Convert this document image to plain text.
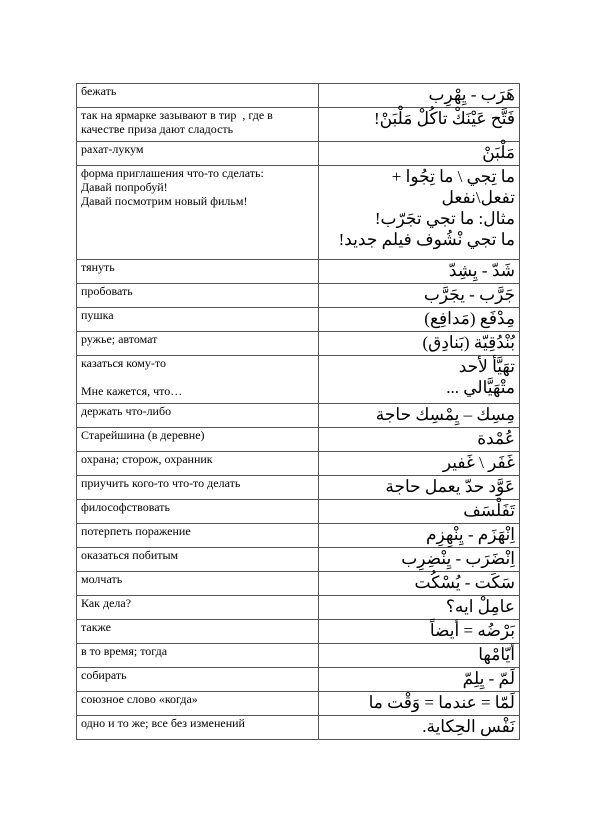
бежать	هَرَب - يِهْرِب

так на ярмарке зазывают в тир  , где в
качестве приза дают сладость	فَتَّح عَيْنَكْ تاكُلْ مَلْبَنْ!

рахат-лукум	مَلْبَنْ

форма приглашения что-то сделать:
Давай попробуй!
Давай посмотрим новый фильм!	ما تِجي \ ما تِجُوا +
تفعل\نفعل
مثال: ما تجي تجَرّب!
ما تجي نْشُوف فيلم جديد!

тянуть	شَدّ - يِشِدّ

пробовать	جَرَّب - يجَرَّب

пушка	مِدْفَع (مَدافِع)

ружье; автомат	بُنْدُقِيّة (بَنادِق)

казаться кому-то
Мне кажется, что…	تهَيَّأ لأحد
متْهَيَّالي ...

держать что-либо	مِسِك – يِمْسِك حاجة

Старейшина (в деревне)	عُمْدة

охрана; сторож, охранник	غَفَر \ غَفير

приучить кого-то что-то делать	عَوَّد حدّ يعمل حاجة

философствовать	تَفَلْسَف

потерпеть поражение	اِنْهَزَم - يِنْهِزِم

оказаться побитым	اِنْضَرَب - يِنْضِرِب

молчать	سَكَت - يُسْكُت

Как дела?	عامِلْ ايه؟

также	بَرْضُه = أيضاً

в то время; тогда	أيّامْها

собирать	لَمّ - يِلِمّ

союзное слово «когда»	لَمّا = عندما = وَقْت ما

одно и то же; все без изменений	نَفْس الحِكاية.
